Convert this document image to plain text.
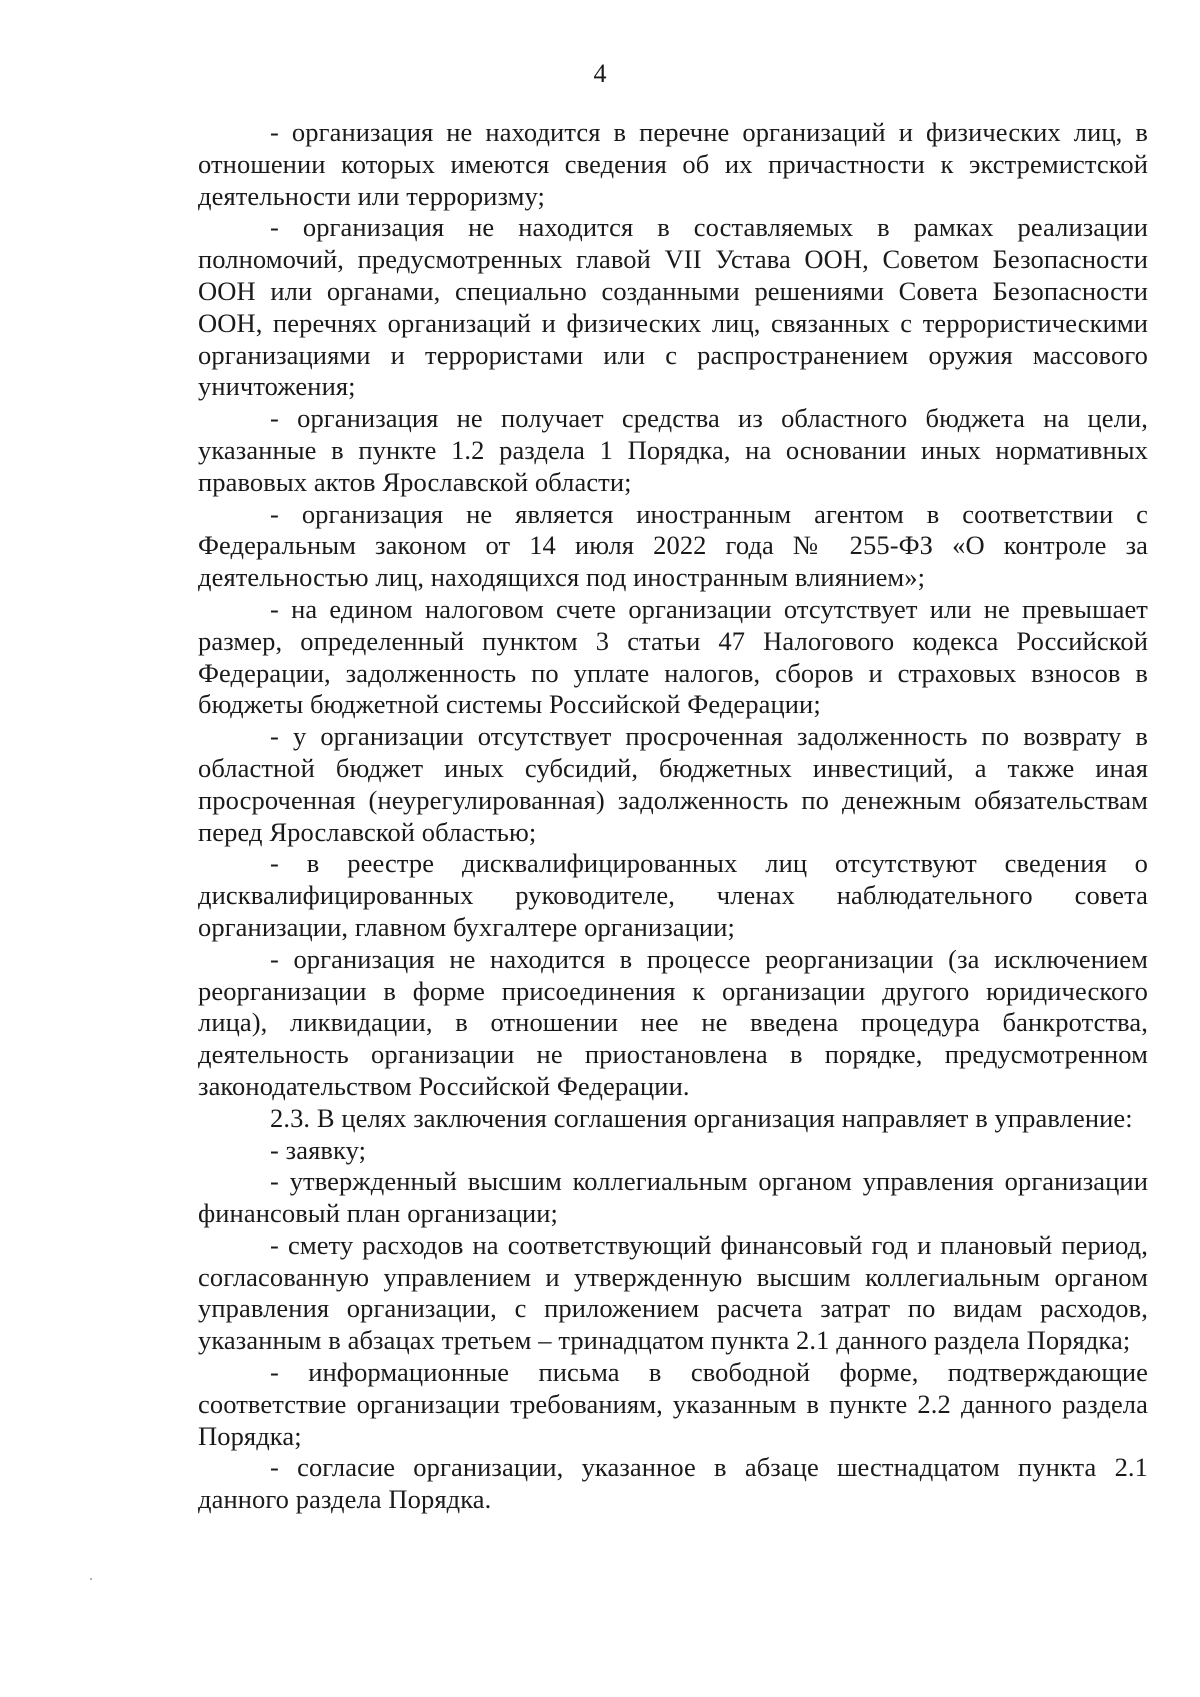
4

- организация не находится в перечне организаций и физических лиц, в отношении которых имеются сведения об их причастности к экстремистской деятельности или терроризму;

- организация не находится в составляемых в рамках реализации полномочий, предусмотренных главой VII Устава ООН, Советом Безопасности ООН или органами, специально созданными решениями Совета Безопасности ООН, перечнях организаций и физических лиц, связанных с террористическими организациями и террористами или с распространением оружия массового уничтожения;

- организация не получает средства из областного бюджета на цели, указанные в пункте 1.2 раздела 1 Порядка, на основании иных нормативных правовых актов Ярославской области;

- организация не является иностранным агентом в соответствии с Федеральным законом от 14 июля 2022 года № 255-ФЗ «О контроле за деятельностью лиц, находящихся под иностранным влиянием»;

- на едином налоговом счете организации отсутствует или не превышает размер, определенный пунктом 3 статьи 47 Налогового кодекса Российской Федерации, задолженность по уплате налогов, сборов и страховых взносов в бюджеты бюджетной системы Российской Федерации;

- у организации отсутствует просроченная задолженность по возврату в областной бюджет иных субсидий, бюджетных инвестиций, а также иная просроченная (неурегулированная) задолженность по денежным обязательствам перед Ярославской областью;

- в реестре дисквалифицированных лиц отсутствуют сведения о дисквалифицированных руководителе, членах наблюдательного совета организации, главном бухгалтере организации;

- организация не находится в процессе реорганизации (за исключением реорганизации в форме присоединения к организации другого юридического лица), ликвидации, в отношении нее не введена процедура банкротства, деятельность организации не приостановлена в порядке, предусмотренном законодательством Российской Федерации.

2.3. В целях заключения соглашения организация направляет в управление:

- заявку;

- утвержденный высшим коллегиальным органом управления организации финансовый план организации;

- смету расходов на соответствующий финансовый год и плановый период, согласованную управлением и утвержденную высшим коллегиальным органом управления организации, с приложением расчета затрат по видам расходов, указанным в абзацах третьем – тринадцатом пункта 2.1 данного раздела Порядка;

- информационные письма в свободной форме, подтверждающие соответствие организации требованиям, указанным в пункте 2.2 данного раздела Порядка;

- согласие организации, указанное в абзаце шестнадцатом пункта 2.1 данного раздела Порядка.
